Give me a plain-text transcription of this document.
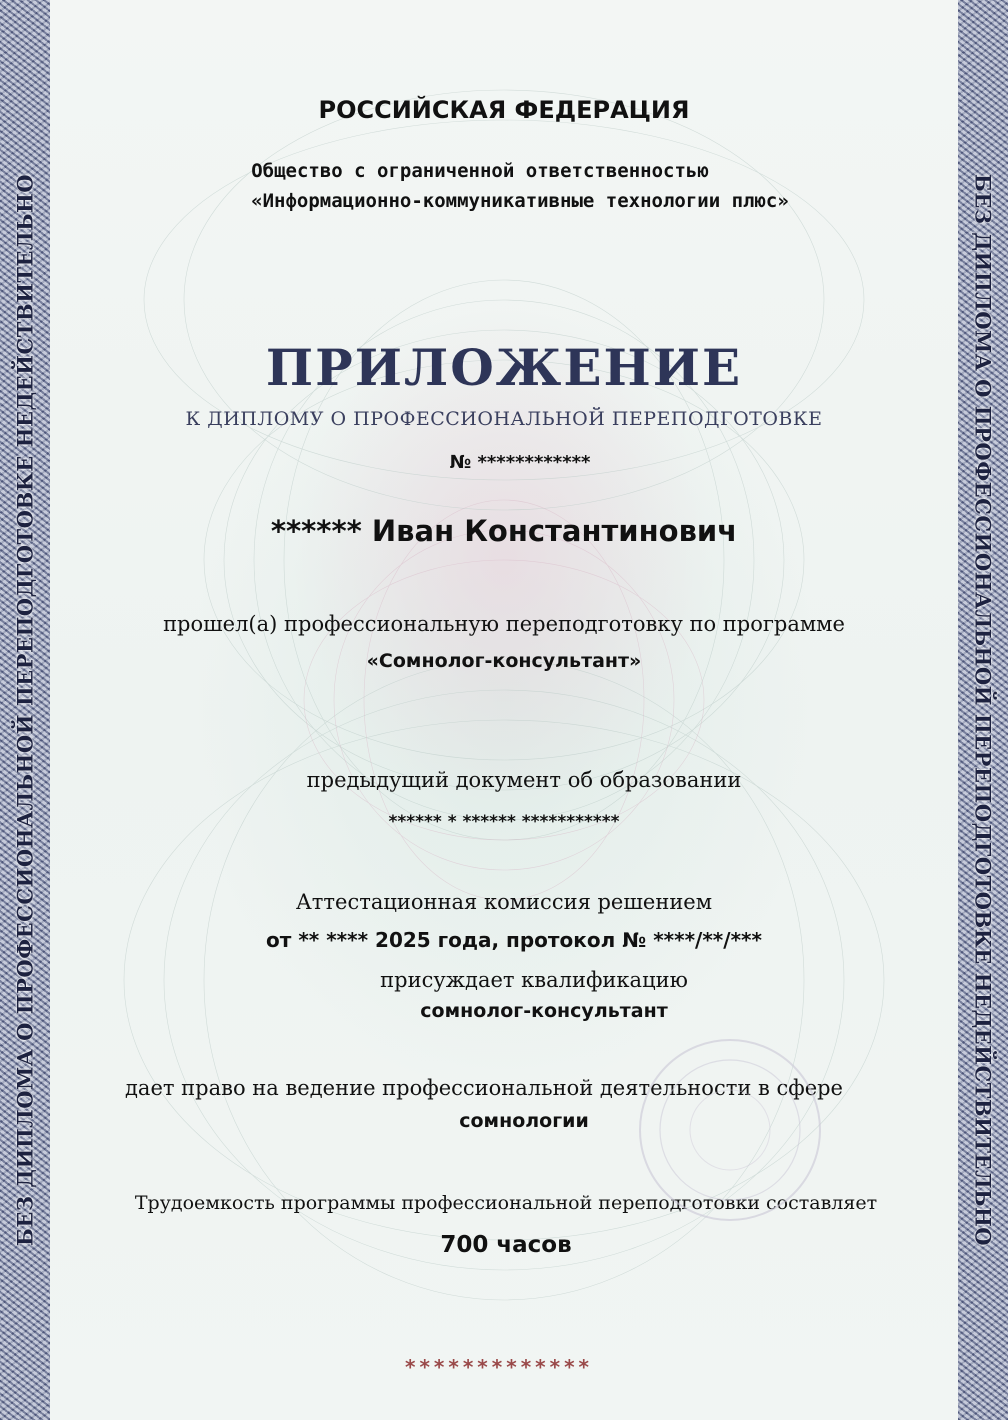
БЕЗ ДИПЛОМА О ПРОФЕССИОНАЛЬНОЙ ПЕРЕПОДГОТОВКЕ НЕДЕЙСТВИТЕЛЬНО	БЕЗ ДИПЛОМА О ПРОФЕССИОНАЛЬНОЙ ПЕРЕПОДГОТОВКЕ НЕДЕЙСТВИТЕЛЬНО
РОССИЙСКАЯ ФЕДЕРАЦИЯ
Общество с ограниченной ответственностью
«Информационно-коммуникативные технологии плюс»
ПРИЛОЖЕНИЕ
К ДИПЛОМУ О ПРОФЕССИОНАЛЬНОЙ ПЕРЕПОДГОТОВКЕ
№ ************
****** Иван Константинович
прошел(а) профессиональную переподготовку по программе
«Сомнолог-консультант»
предыдущий документ об образовании
****** * ****** ***********
Аттестационная комиссия решением
от ** **** 2025 года, протокол № ****/**/***
присуждает квалификацию
сомнолог-консультант
дает право на ведение профессиональной деятельности в сфере
сомнологии
Трудоемкость программы профессиональной переподготовки составляет
700 часов
*************
